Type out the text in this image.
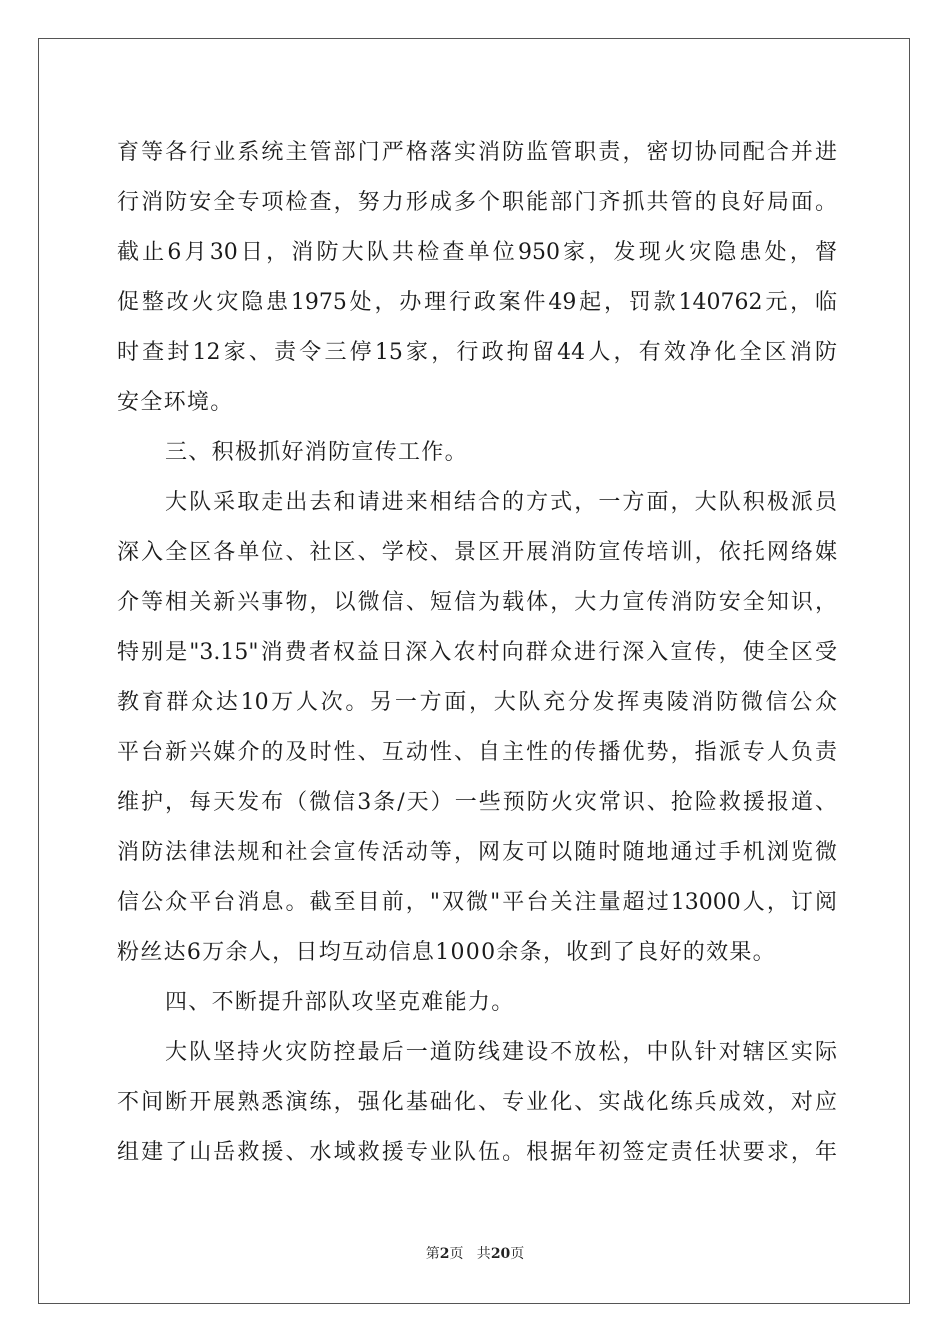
育等各行业系统主管部门严格落实消防监管职责，密切协同配合并进
行消防安全专项检查，努力形成多个职能部门齐抓共管的良好局面。
截止6月30日，消防大队共检查单位950家，发现火灾隐患处，督
促整改火灾隐患1975处，办理行政案件49起，罚款140762元，临
时查封12家、责令三停15家，行政拘留44人，有效净化全区消防
安全环境。
三、积极抓好消防宣传工作。
大队采取走出去和请进来相结合的方式，一方面，大队积极派员
深入全区各单位、社区、学校、景区开展消防宣传培训，依托网络媒
介等相关新兴事物，以微信、短信为载体，大力宣传消防安全知识，
特别是"3.15"消费者权益日深入农村向群众进行深入宣传，使全区受
教育群众达10万人次。另一方面，大队充分发挥夷陵消防微信公众
平台新兴媒介的及时性、互动性、自主性的传播优势，指派专人负责
维护，每天发布（微信3条/天）一些预防火灾常识、抢险救援报道、
消防法律法规和社会宣传活动等，网友可以随时随地通过手机浏览微
信公众平台消息。截至目前，"双微"平台关注量超过13000人，订阅
粉丝达6万余人，日均互动信息1000余条，收到了良好的效果。
四、不断提升部队攻坚克难能力。
大队坚持火灾防控最后一道防线建设不放松，中队针对辖区实际
不间断开展熟悉演练，强化基础化、专业化、实战化练兵成效，对应
组建了山岳救援、水域救援专业队伍。根据年初签定责任状要求，年
第2页   共20页
